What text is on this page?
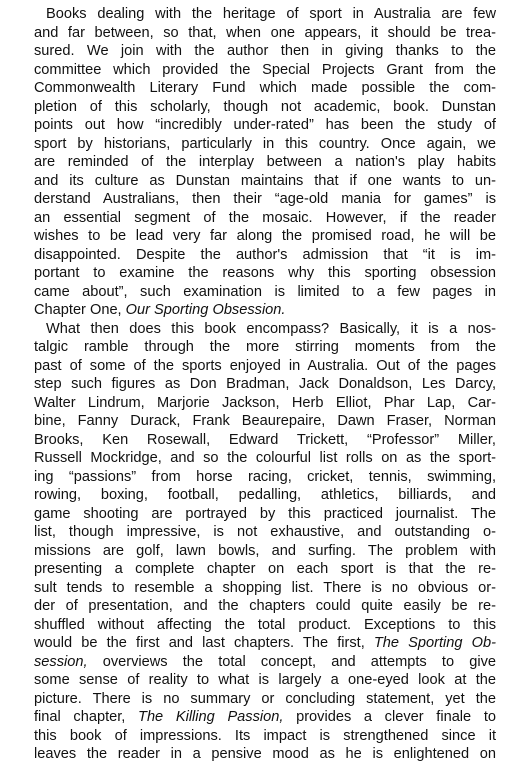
Books dealing with the heritage of sport in Australia are few
and far between, so that, when one appears, it should be trea-
sured. We join with the author then in giving thanks to the
committee which provided the Special Projects Grant from the
Commonwealth Literary Fund which made possible the com-
pletion of this scholarly, though not academic, book. Dunstan
points out how “incredibly under-rated” has been the study of
sport by historians, particularly in this country. Once again, we
are reminded of the interplay between a nation's play habits
and its culture as Dunstan maintains that if one wants to un-
derstand Australians, then their “age-old mania for games” is
an essential segment of the mosaic. However, if the reader
wishes to be lead very far along the promised road, he will be
disappointed. Despite the author's admission that “it is im-
portant to examine the reasons why this sporting obsession
came about”, such examination is limited to a few pages in
Chapter One, Our Sporting Obsession.
What then does this book encompass? Basically, it is a nos-
talgic ramble through the more stirring moments from the
past of some of the sports enjoyed in Australia. Out of the pages
step such figures as Don Bradman, Jack Donaldson, Les Darcy,
Walter Lindrum, Marjorie Jackson, Herb Elliot, Phar Lap, Car-
bine, Fanny Durack, Frank Beaurepaire, Dawn Fraser, Norman
Brooks, Ken Rosewall, Edward Trickett, “Professor” Miller,
Russell Mockridge, and so the colourful list rolls on as the sport-
ing “passions” from horse racing, cricket, tennis, swimming,
rowing, boxing, football, pedalling, athletics, billiards, and
game shooting are portrayed by this practiced journalist. The
list, though impressive, is not exhaustive, and outstanding o-
missions are golf, lawn bowls, and surfing. The problem with
presenting a complete chapter on each sport is that the re-
sult tends to resemble a shopping list. There is no obvious or-
der of presentation, and the chapters could quite easily be re-
shuffled without affecting the total product. Exceptions to this
would be the first and last chapters. The first, The Sporting Ob-
session, overviews the total concept, and attempts to give
some sense of reality to what is largely a one-eyed look at the
picture. There is no summary or concluding statement, yet the
final chapter, The Killing Passion, provides a clever finale to
this book of impressions. Its impact is strengthened since it
leaves the reader in a pensive mood as he is enlightened on
